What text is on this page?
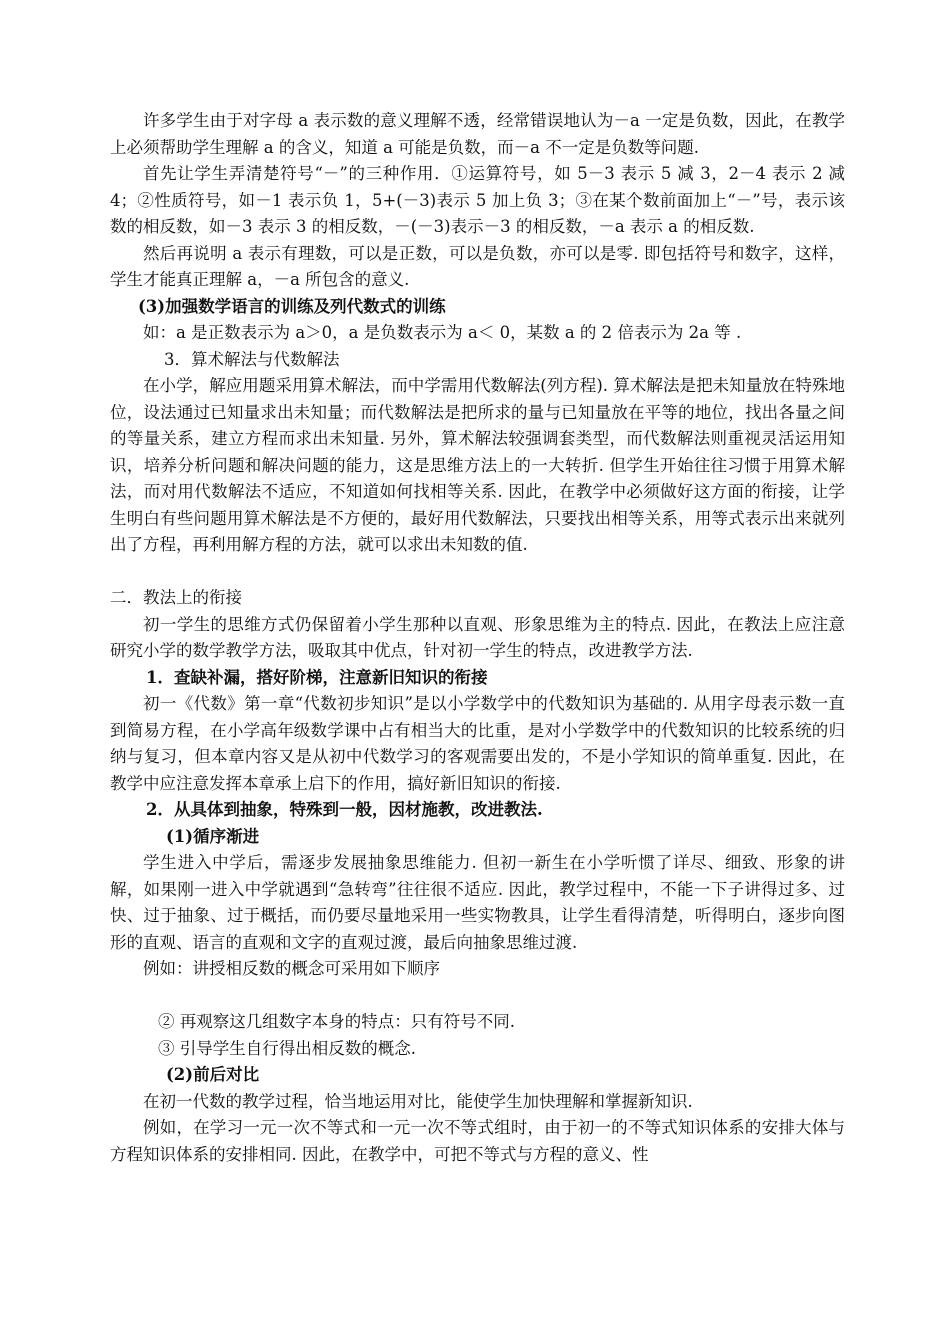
许多学生由于对字母 a 表示数的意义理解不透，经常错误地认为－a 一定是负数，因此，在教学上必须帮助学生理解 a 的含义，知道 a 可能是负数，而－a 不一定是负数等问题.

首先让学生弄清楚符号“－”的三种作用．①运算符号，如 5－3 表示 5 减 3，2－4 表示 2 减 4；②性质符号，如－1 表示负 1，5+(－3)表示 5 加上负 3；③在某个数前面加上“－”号，表示该数的相反数，如－3 表示 3 的相反数，－(－3)表示－3 的相反数，－a 表示 a 的相反数.

然后再说明 a 表示有理数，可以是正数，可以是负数，亦可以是零. 即包括符号和数字，这样，学生才能真正理解 a，－a 所包含的意义.

(3)加强数学语言的训练及列代数式的训练

如：a 是正数表示为 a＞0，a 是负数表示为 a＜ 0，某数 a 的 2 倍表示为 2a 等 .

3．算术解法与代数解法

在小学，解应用题采用算术解法，而中学需用代数解法(列方程). 算术解法是把未知量放在特殊地位，设法通过已知量求出未知量；而代数解法是把所求的量与已知量放在平等的地位，找出各量之间的等量关系，建立方程而求出未知量. 另外，算术解法较强调套类型，而代数解法则重视灵活运用知识，培养分析问题和解决问题的能力，这是思维方法上的一大转折. 但学生开始往往习惯于用算术解法，而对用代数解法不适应，不知道如何找相等关系. 因此，在教学中必须做好这方面的衔接，让学生明白有些问题用算术解法是不方便的，最好用代数解法，只要找出相等关系，用等式表示出来就列出了方程，再利用解方程的方法，就可以求出未知数的值.

二．教法上的衔接

初一学生的思维方式仍保留着小学生那种以直观、形象思维为主的特点. 因此，在教法上应注意研究小学的数学教学方法，吸取其中优点，针对初一学生的特点，改进教学方法.

1．查缺补漏，搭好阶梯，注意新旧知识的衔接

初一《代数》第一章“代数初步知识”是以小学数学中的代数知识为基础的. 从用字母表示数一直到简易方程，在小学高年级数学课中占有相当大的比重，是对小学数学中的代数知识的比较系统的归纳与复习，但本章内容又是从初中代数学习的客观需要出发的，不是小学知识的简单重复. 因此，在教学中应注意发挥本章承上启下的作用，搞好新旧知识的衔接.

2．从具体到抽象，特殊到一般，因材施教，改进教法.

(1)循序渐进

学生进入中学后，需逐步发展抽象思维能力. 但初一新生在小学听惯了详尽、细致、形象的讲解，如果刚一进入中学就遇到“急转弯”往往很不适应. 因此，教学过程中，不能一下子讲得过多、过快、过于抽象、过于概括，而仍要尽量地采用一些实物教具，让学生看得清楚，听得明白，逐步向图形的直观、语言的直观和文字的直观过渡，最后向抽象思维过渡.

例如：讲授相反数的概念可采用如下顺序

② 再观察这几组数字本身的特点：只有符号不同.

③ 引导学生自行得出相反数的概念.

(2)前后对比

在初一代数的教学过程，恰当地运用对比，能使学生加快理解和掌握新知识.

例如，在学习一元一次不等式和一元一次不等式组时，由于初一的不等式知识体系的安排大体与方程知识体系的安排相同. 因此，在教学中，可把不等式与方程的意义、性
